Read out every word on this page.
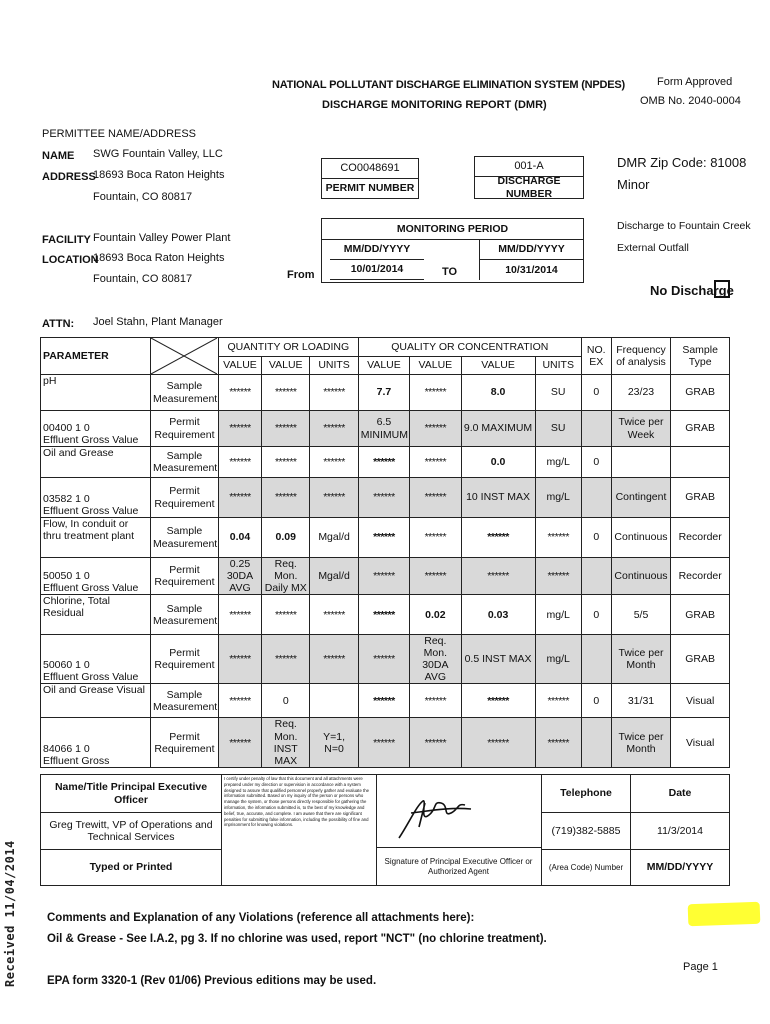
NATIONAL POLLUTANT DISCHARGE ELIMINATION SYSTEM (NPDES)
DISCHARGE MONITORING REPORT (DMR)
Form Approved
OMB No. 2040-0004
PERMITTEE NAME/ADDRESS
NAME SWG Fountain Valley, LLC
ADDRESS
18693 Boca Raton Heights
Fountain, CO 80817
FACILITY Fountain Valley Power Plant
LOCATION
18693 Boca Raton Heights
Fountain, CO 80817
ATTN: Joel Stahn, Plant Manager
CO0048691
PERMIT NUMBER
001-A
DISCHARGE NUMBER
DMR Zip Code: 81008
Minor
Discharge to Fountain Creek
External Outfall
MONITORING PERIOD
MM/DD/YYYY	MM/DD/YYYY
10/01/2014	10/31/2014
From	TO
No Discharge
PARAMETER		QUANTITY OR LOADING			QUALITY OR CONCENTRATION				NO. EX	Frequency of analysis	Sample Type
		VALUE	VALUE	UNITS	VALUE	VALUE	VALUE	UNITS			

pH	Sample Measurement	******	******	******	7.7	******	8.0	SU	0	23/23	GRAB

00400 1 0
Effluent Gross Value	Permit Requirement	******	******	******	6.5 MINIMUM	******	9.0 MAXIMUM	SU		Twice per Week	GRAB

Oil and Grease	Sample Measurement	******	******	******	******	******	0.0	mg/L	0		

03582 1 0
Effluent Gross Value	Permit Requirement	******	******	******	******	******	10 INST MAX	mg/L		Contingent	GRAB

Flow, In conduit or
thru treatment plant	Sample Measurement	0.04	0.09	Mgal/d	******	******	******	******	0	Continuous	Recorder

50050 1 0
Effluent Gross Value	Permit Requirement	0.25 30DA AVG	Req. Mon. Daily MX	Mgal/d	******	******	******	******		Continuous	Recorder

Chlorine, Total
Residual	Sample Measurement	******	******	******	******	0.02	0.03	mg/L	0	5/5	GRAB

50060 1 0
Effluent Gross Value	Permit Requirement	******	******	******	******	Req. Mon. 30DA AVG	0.5 INST MAX	mg/L		Twice per Month	GRAB

Oil and Grease Visual	Sample Measurement	******	0		******	******	******	******	0	31/31	Visual

84066 1 0
Effluent Gross	Permit Requirement	******	Req. Mon. INST MAX	Y=1, N=0	******	******	******	******		Twice per Month	Visual
Name/Title Principal Executive Officer
Greg Trewitt, VP of Operations and Technical Services
Typed or Printed
I certify under penalty of law that this document and all attachments were prepared under my direction or supervision in accordance with a system designed to assure that qualified personnel properly gather and evaluate the information submitted. Based on my inquiry of the person or persons who manage the system, or those persons directly responsible for gathering the information, the information submitted is, to the best of my knowledge and belief, true, accurate, and complete. I am aware that there are significant penalties for submitting false information, including the possibility of fine and imprisonment for knowing violations.
Signature of Principal Executive Officer or Authorized Agent
Telephone
(719)382-5885
(Area Code) Number
Date
11/3/2014
MM/DD/YYYY
Comments and Explanation of any Violations (reference all attachments here):
Oil & Grease - See I.A.2, pg 3. If no chlorine was used, report "NCT" (no chlorine treatment).
EPA form 3320-1 (Rev 01/06) Previous editions may be used.
Page 1
Received 11/04/2014
